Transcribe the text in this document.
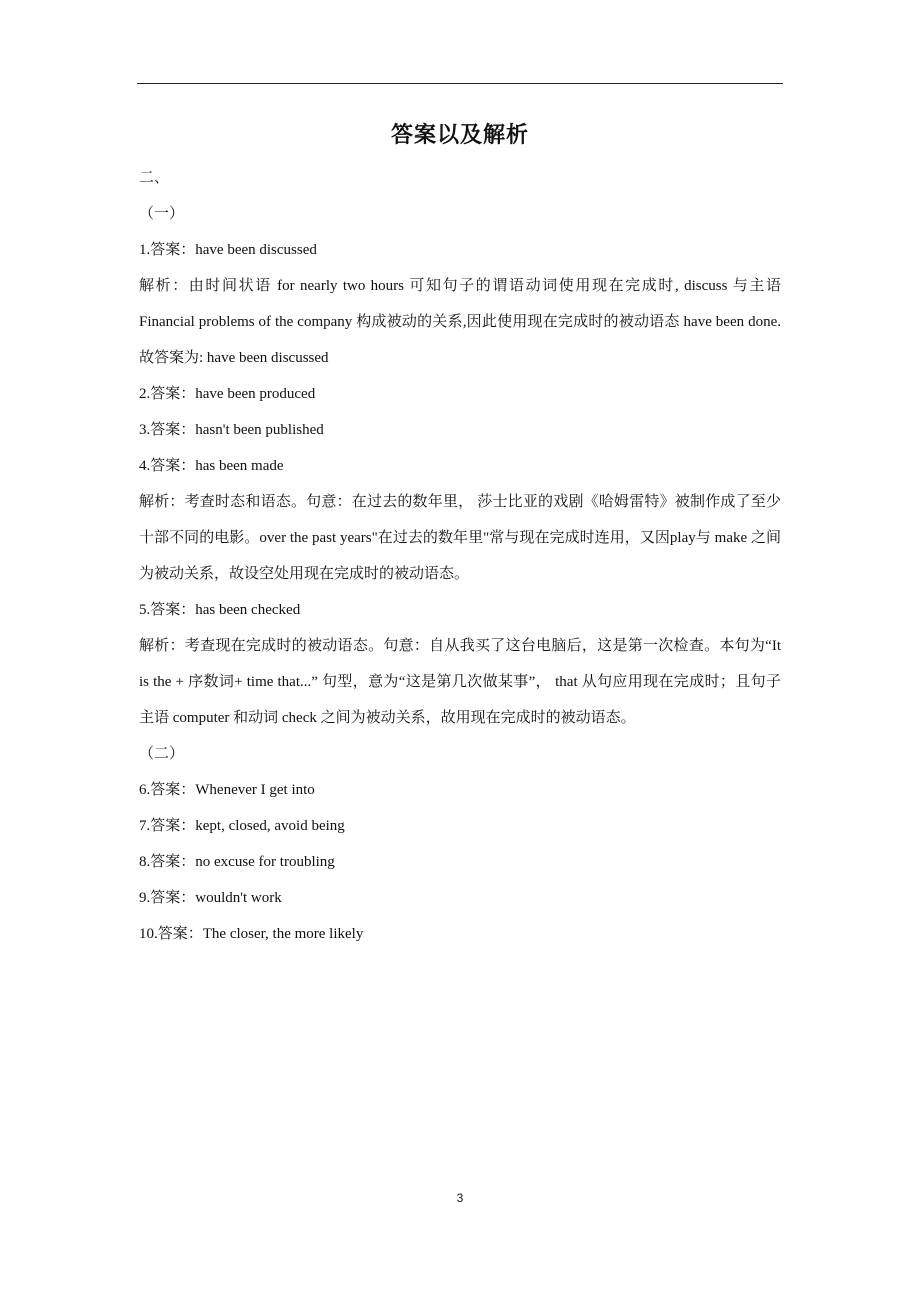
答案以及解析

二、

（一）

1.答案：have been discussed

解析：由时间状语 for nearly two hours 可知句子的谓语动词使用现在完成时, discuss 与主语 Financial problems of the company 构成被动的关系,因此使用现在完成时的被动语态 have been done.故答案为: have been discussed

2.答案：have been produced

3.答案：hasn't been published

4.答案：has been made

解析：考查时态和语态。句意：在过去的数年里， 莎士比亚的戏剧《哈姆雷特》被制作成了至少十部不同的电影。over the past years"在过去的数年里"常与现在完成时连用，又因play与 make 之间为被动关系，故设空处用现在完成时的被动语态。

5.答案：has been checked

解析：考查现在完成时的被动语态。句意：自从我买了这台电脑后，这是第一次检查。本句为“It is the + 序数词+ time that...” 句型，意为“这是第几次做某事”， that 从句应用现在完成时；且句子主语 computer 和动词 check 之间为被动关系，故用现在完成时的被动语态。

（二）

6.答案：Whenever I get into

7.答案：kept, closed, avoid being

8.答案：no excuse for troubling

9.答案：wouldn't work

10.答案：The closer, the more likely

3
